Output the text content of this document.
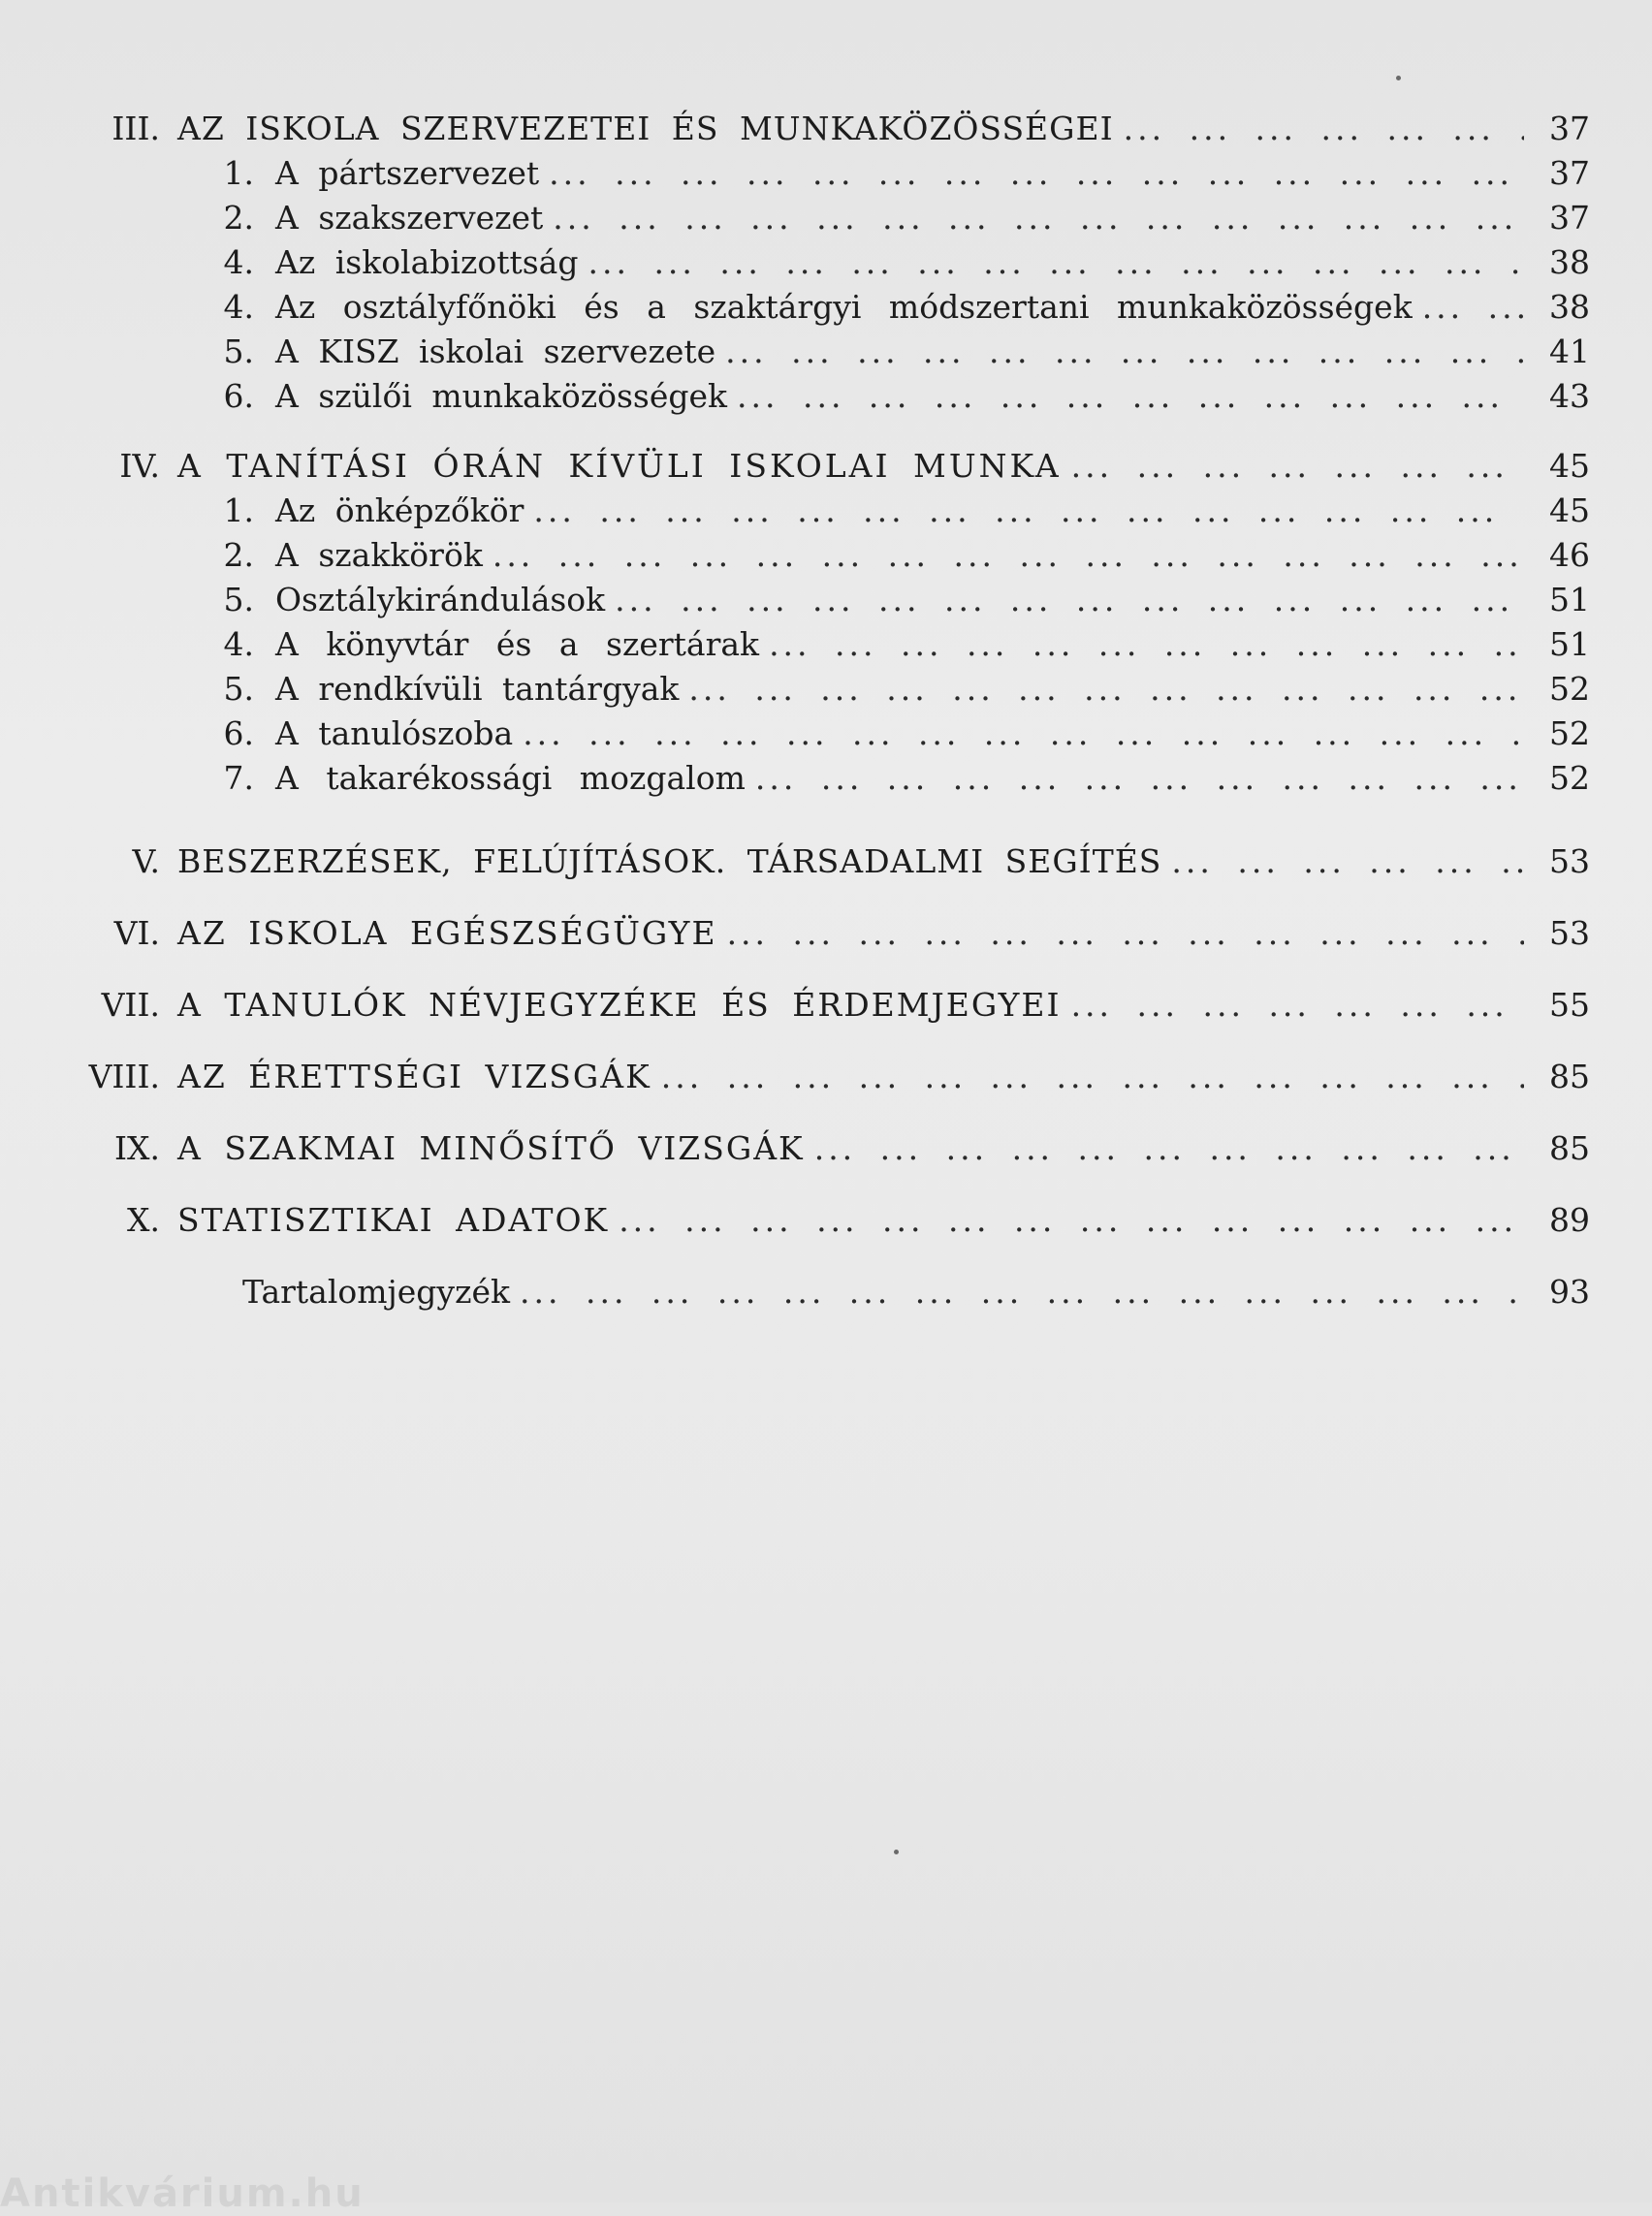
III. AZ ISKOLA SZERVEZETEI ÉS MUNKAKÖZÖSSÉGEI ... .	37
1. A pártszervezet ... .	37
2. A szakszervezet ... .	37
4. Az iskolabizottság ... .	38
4. Az osztályfőnöki és a szaktárgyi módszertani munkaközösségek ... .	38
5. A KISZ iskolai szervezete ... .	41
6. A szülői munkaközösségek ... .	43
IV. A TANÍTÁSI ÓRÁN KÍVÜLI ISKOLAI MUNKA ... .	45
1. Az önképzőkör ... .	45
2. A szakkörök ... .	46
5. Osztálykirándulások ... .	51
4. A könyvtár és a szertárak ... .	51
5. A rendkívüli tantárgyak ... .	52
6. A tanulószoba ... .	52
7. A takarékossági mozgalom ... .	52
V. BESZERZÉSEK, FELÚJÍTÁSOK. TÁRSADALMI SEGÍTÉS ... .	53
VI. AZ ISKOLA EGÉSZSÉGÜGYE ... .	53
VII. A TANULÓK NÉVJEGYZÉKE ÉS ÉRDEMJEGYEI ... .	55
VIII. AZ ÉRETTSÉGI VIZSGÁK ... .	85
IX. A SZAKMAI MINŐSÍTŐ VIZSGÁK ... .	85
X. STATISZTIKAI ADATOK ... .	89
Tartalomjegyzék ... .	93
Antikvárium.hu
